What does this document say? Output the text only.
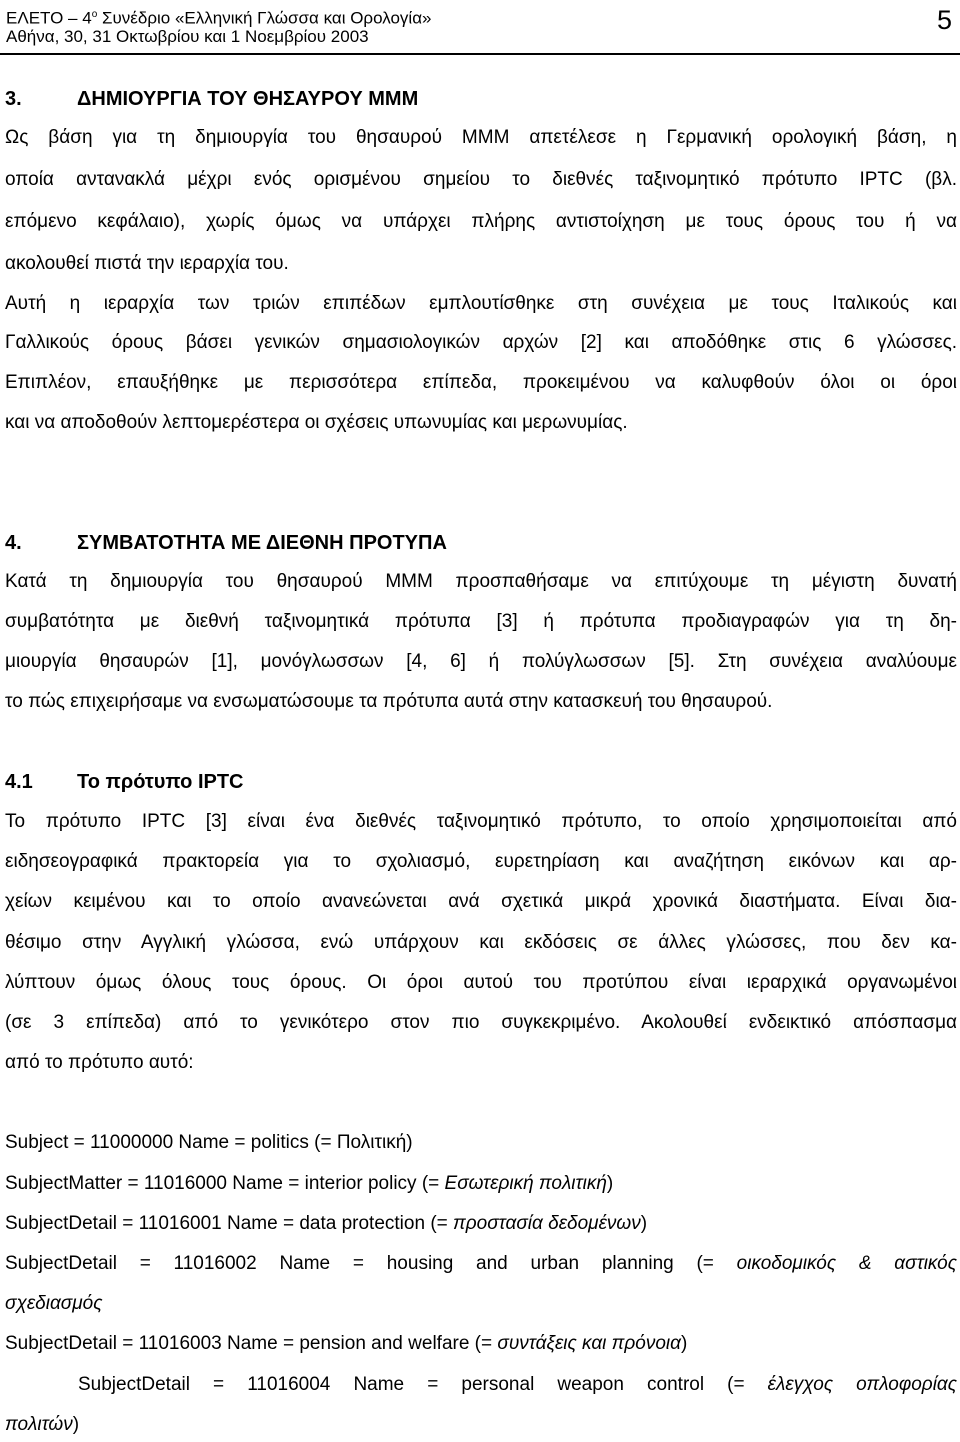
ΕΛΕΤΟ – $4^o$ Συνέδριο «Ελληνική Γλώσσα και Ορολογία»
Αθήνα, 30, 31 Οκτωβρίου και 1 Νοεμβρίου 2003
5
3.	ΔΗΜΙΟΥΡΓΙΑ ΤΟΥ ΘΗΣΑΥΡΟΥ ΜΜΜ
Ως βάση για τη δημιουργία του θησαυρού ΜΜΜ απετέλεσε η Γερμανική ορολογική βάση, η
οποία αντανακλά μέχρι ενός ορισμένου σημείου το διεθνές ταξινομητικό πρότυπο IPTC (βλ.
επόμενο κεφάλαιο), χωρίς όμως να υπάρχει πλήρης αντιστοίχηση με τους όρους του ή να
ακολουθεί πιστά την ιεραρχία του.
Αυτή η ιεραρχία των τριών επιπέδων εμπλουτίσθηκε στη συνέχεια με τους Ιταλικούς και
Γαλλικούς όρους βάσει γενικών σημασιολογικών αρχών [2] και αποδόθηκε στις 6 γλώσσες.
Επιπλέον, επαυξήθηκε με περισσότερα επίπεδα, προκειμένου να καλυφθούν όλοι οι όροι
και να αποδοθούν λεπτομερέστερα οι σχέσεις υπωνυμίας και μερωνυμίας.
4.	ΣΥΜΒΑΤΟΤΗΤΑ ΜΕ ΔΙΕΘΝΗ ΠΡΟΤΥΠΑ
Κατά τη δημιουργία του θησαυρού ΜΜΜ προσπαθήσαμε να επιτύχουμε τη μέγιστη δυνατή
συμβατότητα με διεθνή ταξινομητικά πρότυπα [3] ή πρότυπα προδιαγραφών για τη δη-
μιουργία θησαυρών [1], μονόγλωσσων [4, 6] ή πολύγλωσσων [5]. Στη συνέχεια αναλύουμε
το πώς επιχειρήσαμε να ενσωματώσουμε τα πρότυπα αυτά στην κατασκευή του θησαυρού.
4.1 Το πρότυπο IPTC
Το πρότυπο IPTC [3] είναι ένα διεθνές ταξινομητικό πρότυπο, το οποίο χρησιμοποιείται από
ειδησεογραφικά πρακτορεία για το σχολιασμό, ευρετηρίαση και αναζήτηση εικόνων και αρ-
χείων κειμένου και το οποίο ανανεώνεται ανά σχετικά μικρά χρονικά διαστήματα. Είναι δια-
θέσιμο στην Αγγλική γλώσσα, ενώ υπάρχουν και εκδόσεις σε άλλες γλώσσες, που δεν κα-
λύπτουν όμως όλους τους όρους. Οι όροι αυτού του προτύπου είναι ιεραρχικά οργανωμένοι
(σε 3 επίπεδα) από το γενικότερο στον πιο συγκεκριμένο. Ακολουθεί ενδεικτικό απόσπασμα
από το πρότυπο αυτό:
Subject = 11000000 Name = politics (= Πολιτική)
SubjectMatter = 11016000 Name = interior policy (= Εσωτερική πολιτική)
SubjectDetail = 11016001 Name = data protection (= προστασία δεδομένων)
SubjectDetail = 11016002 Name = housing and urban planning (= οικοδομικός & αστικός
σχεδιασμός
SubjectDetail = 11016003 Name = pension and welfare (= συντάξεις και πρόνοια)
SubjectDetail = 11016004 Name = personal weapon control (= έλεγχος οπλοφορίας
πολιτών)
